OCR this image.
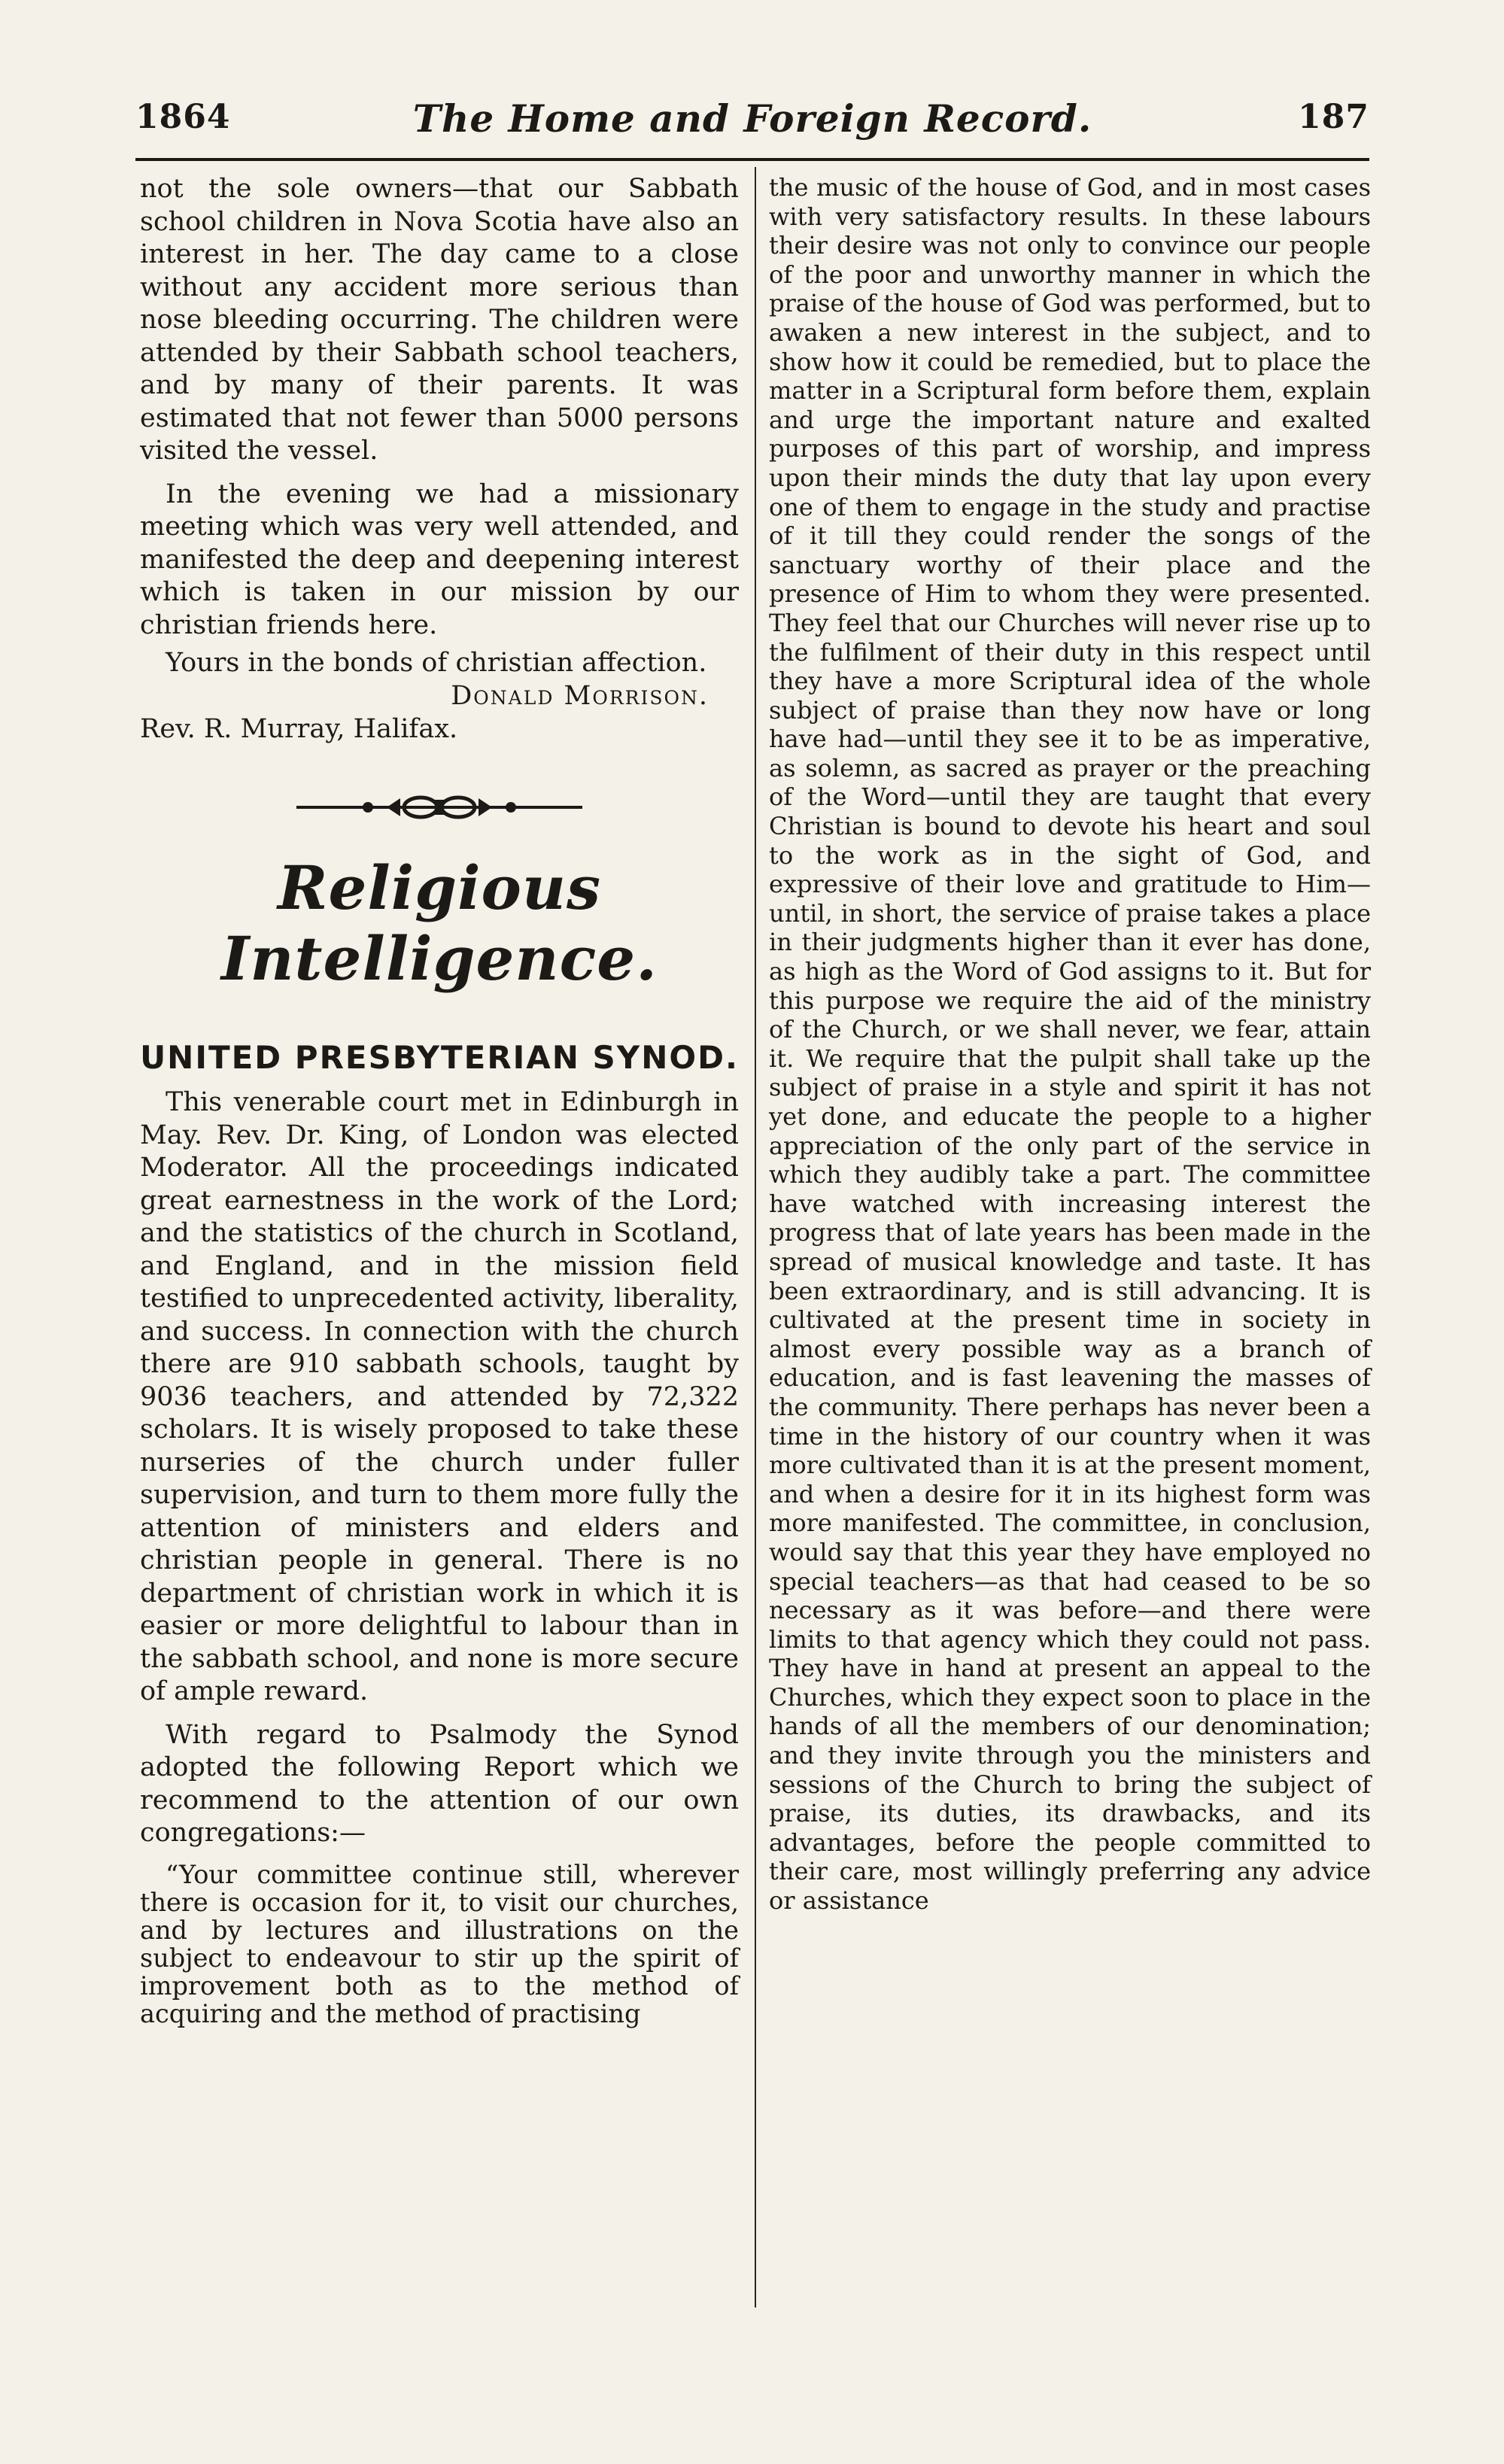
1864	The Home and Foreign Record.	187

not the sole owners—that our Sabbath school children in Nova Scotia have also an interest in her. The day came to a close without any accident more serious than nose bleeding occurring. The children were attended by their Sabbath school teachers, and by many of their parents. It was estimated that not fewer than 5000 persons visited the vessel.

In the evening we had a missionary meeting which was very well attended, and manifested the deep and deepening interest which is taken in our mission by our christian friends here.

Yours in the bonds of christian affection.

Donald Morrison.

Rev. R. Murray, Halifax.

Religious Intelligence.
UNITED PRESBYTERIAN SYNOD.

This venerable court met in Edinburgh in May. Rev. Dr. King, of London was elected Moderator. All the proceedings indicated great earnestness in the work of the Lord; and the statistics of the church in Scotland, and England, and in the mission field testified to unprecedented activity, liberality, and success. In connection with the church there are 910 sabbath schools, taught by 9036 teachers, and attended by 72,322 scholars. It is wisely proposed to take these nurseries of the church under fuller supervision, and turn to them more fully the attention of ministers and elders and christian people in general. There is no department of christian work in which it is easier or more delightful to labour than in the sabbath school, and none is more secure of ample reward.

With regard to Psalmody the Synod adopted the following Report which we recommend to the attention of our own congregations:—

“Your committee continue still, wherever there is occasion for it, to visit our churches, and by lectures and illustrations on the subject to endeavour to stir up the spirit of improvement both as to the method of acquiring and the method of practising

the music of the house of God, and in most cases with very satisfactory results. In these labours their desire was not only to convince our people of the poor and unworthy manner in which the praise of the house of God was performed, but to awaken a new interest in the subject, and to show how it could be remedied, but to place the matter in a Scriptural form before them, explain and urge the important nature and exalted purposes of this part of worship, and impress upon their minds the duty that lay upon every one of them to engage in the study and practise of it till they could render the songs of the sanctuary worthy of their place and the presence of Him to whom they were presented. They feel that our Churches will never rise up to the fulfilment of their duty in this respect until they have a more Scriptural idea of the whole subject of praise than they now have or long have had—until they see it to be as imperative, as solemn, as sacred as prayer or the preaching of the Word—until they are taught that every Christian is bound to devote his heart and soul to the work as in the sight of God, and expressive of their love and gratitude to Him—until, in short, the service of praise takes a place in their judgments higher than it ever has done, as high as the Word of God assigns to it. But for this purpose we require the aid of the ministry of the Church, or we shall never, we fear, attain it. We require that the pulpit shall take up the subject of praise in a style and spirit it has not yet done, and educate the people to a higher appreciation of the only part of the service in which they audibly take a part. The committee have watched with increasing interest the progress that of late years has been made in the spread of musical knowledge and taste. It has been extraordinary, and is still advancing. It is cultivated at the present time in society in almost every possible way as a branch of education, and is fast leavening the masses of the community. There perhaps has never been a time in the history of our country when it was more cultivated than it is at the present moment, and when a desire for it in its highest form was more manifested. The committee, in conclusion, would say that this year they have employed no special teachers—as that had ceased to be so necessary as it was before—and there were limits to that agency which they could not pass. They have in hand at present an appeal to the Churches, which they expect soon to place in the hands of all the members of our denomination; and they invite through you the ministers and sessions of the Church to bring the subject of praise, its duties, its drawbacks, and its advantages, before the people committed to their care, most willingly preferring any advice or assistance
